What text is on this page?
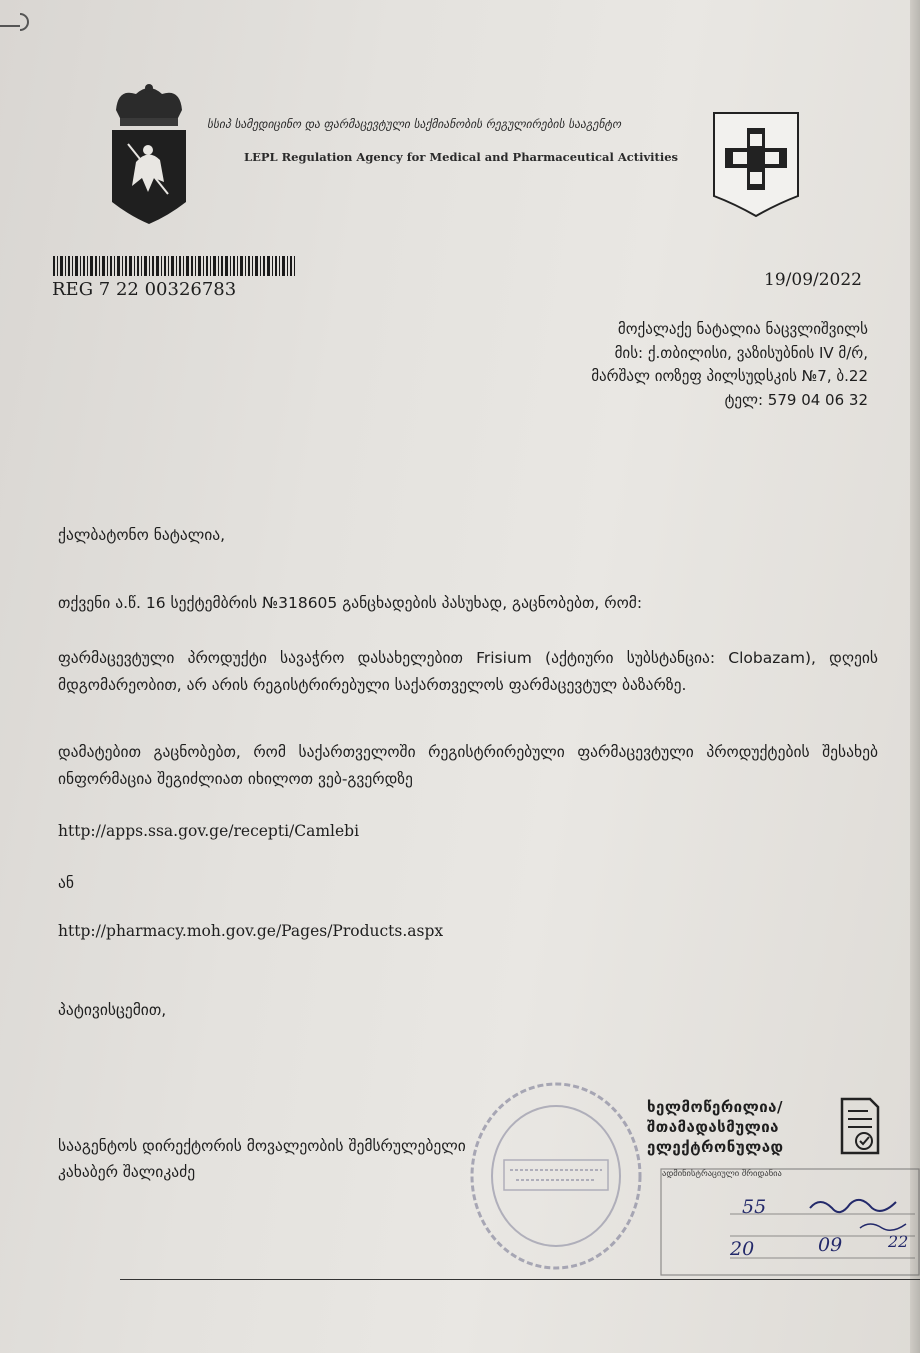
სსიპ სამედიცინო და ფარმაცევტული საქმიანობის რეგულირების სააგენტო
LEPL Regulation Agency for Medical and Pharmaceutical Activities
REG 7 22 00326783	19/09/2022
მოქალაქე ნატალია ნაცვლიშვილს
მის: ქ.თბილისი, ვაზისუბნის IV მ/რ,
მარშალ იოზეფ პილსუდსკის №7, ბ.22
ტელ: 579 04 06 32
ქალბატონო ნატალია,
თქვენი ა.წ. 16 სექტემბრის №318605 განცხადების პასუხად, გაცნობებთ, რომ:
ფარმაცევტული პროდუქტი სავაჭრო დასახელებით Frisium (აქტიური სუბსტანცია: Clobazam), დღეის მდგომარეობით, არ არის რეგისტრირებული საქართველოს ფარმაცევტულ ბაზარზე.
დამატებით გაცნობებთ, რომ საქართველოში რეგისტრირებული ფარმაცევტული პროდუქტების შესახებ ინფორმაცია შეგიძლიათ იხილოთ ვებ-გვერდზე
http://apps.ssa.gov.ge/recepti/Camlebi
ან
http://pharmacy.moh.gov.ge/Pages/Products.aspx
პატივისცემით,
სააგენტოს დირექტორის მოვალეობის შემსრულებელი
კახაბერ შალიკაძე
ხელმოწერილია/
შთამადასმულია
ელექტრონულად
ადმინისტრაციული შრიდანია
55
20	09	22
